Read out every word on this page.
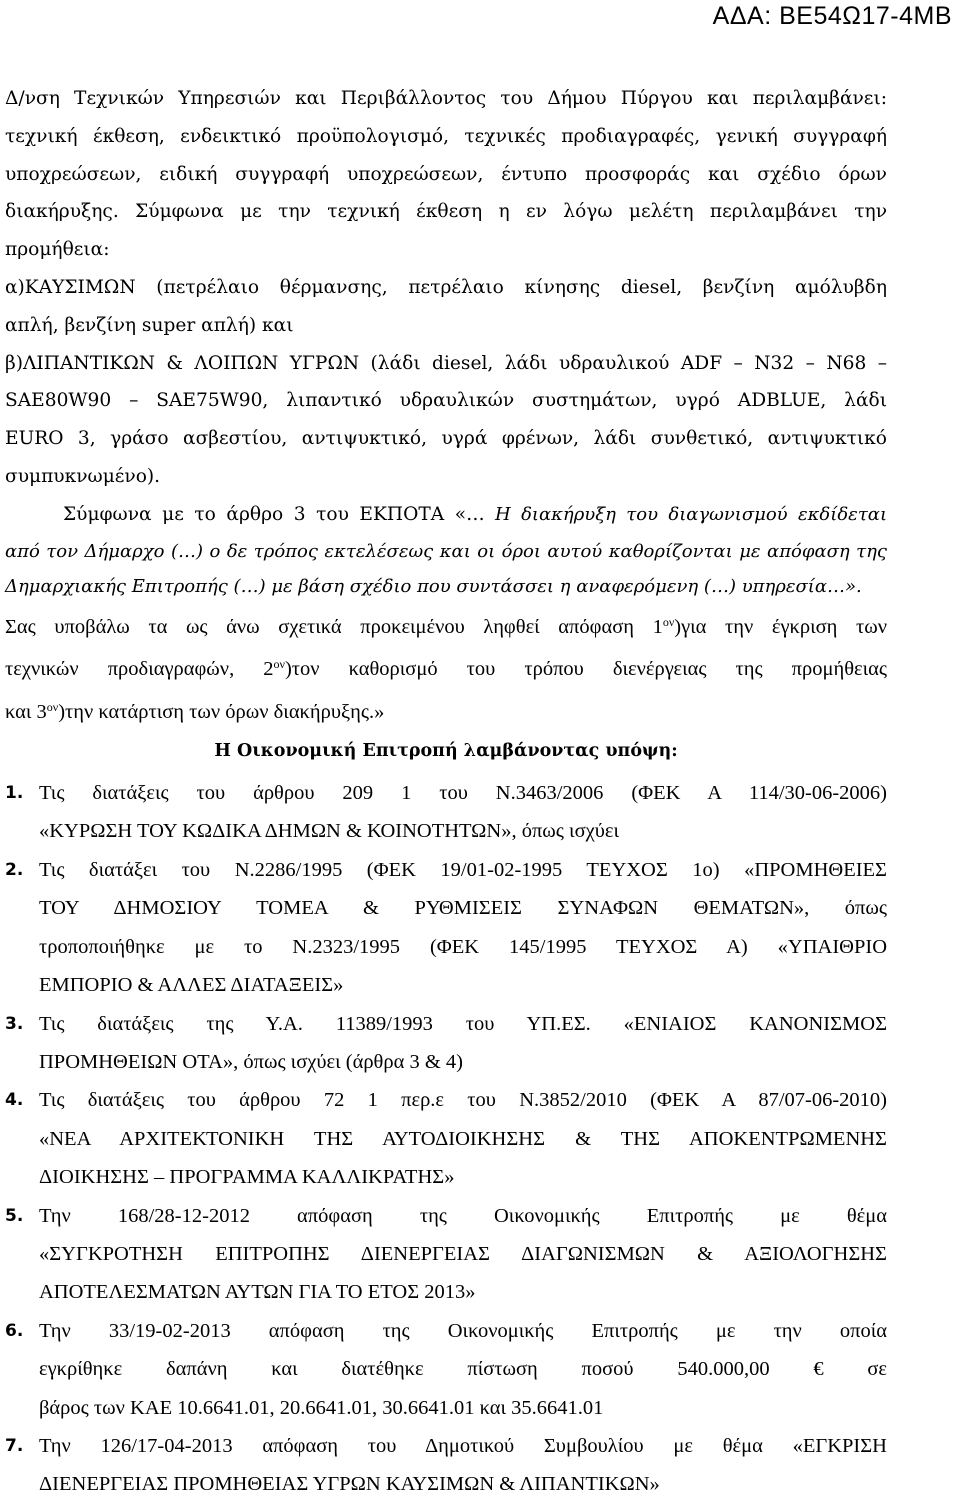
ΑΔΑ: ΒΕ54Ω17-4ΜΒ
Δ/νση Τεχνικών Υπηρεσιών και Περιβάλλοντος του Δήμου Πύργου και περιλαμβάνει:
τεχνική έκθεση, ενδεικτικό προϋπολογισμό, τεχνικές προδιαγραφές, γενική συγγραφή
υποχρεώσεων, ειδική συγγραφή υποχρεώσεων, έντυπο προσφοράς και σχέδιο όρων
διακήρυξης. Σύμφωνα με την τεχνική έκθεση η εν λόγω μελέτη περιλαμβάνει την
προμήθεια:
α)ΚΑΥΣΙΜΩΝ (πετρέλαιο θέρμανσης, πετρέλαιο κίνησης diesel, βενζίνη αμόλυβδη
απλή, βενζίνη super απλή) και
β)ΛΙΠΑΝΤΙΚΩΝ & ΛΟΙΠΩΝ ΥΓΡΩΝ (λάδι diesel, λάδι υδραυλικού ADF – N32 – N68 –
SAE80W90 – SAE75W90, λιπαντικό υδραυλικών συστημάτων, υγρό ADBLUE, λάδι
EURO 3, γράσο ασβεστίου, αντιψυκτικό, υγρά φρένων, λάδι συνθετικό, αντιψυκτικό
συμπυκνωμένο).
Σύμφωνα με το άρθρο 3 του ΕΚΠΟΤΑ «… Η διακήρυξη του διαγωνισμού εκδίδεται
από τον Δήμαρχο (…) ο δε τρόπος εκτελέσεως και οι όροι αυτού καθορίζονται με απόφαση της
Δημαρχιακής Επιτροπής (…) με βάση σχέδιο που συντάσσει η αναφερόμενη (…) υπηρεσία…».
Σας υποβάλω τα ως άνω σχετικά προκειμένου ληφθεί απόφαση $1^{o\nu})\gamma\iota\alpha$ την έγκριση των
τεχνικών προδιαγραφών, $2^{o\nu})\tau o\nu$ καθορισμό του τρόπου διενέργειας της προμήθειας
και $3^{o\nu})\tau\eta\nu$ κατάρτιση των όρων διακήρυξης.»
Η Οικονομική Επιτροπή λαμβάνοντας υπόψη:
1. Τις διατάξεις του άρθρου 209 1 του Ν.3463/2006 (ΦΕΚ Α 114/30-06-2006)
«ΚΥΡΩΣΗ ΤΟΥ ΚΩΔΙΚΑ ΔΗΜΩΝ & ΚΟΙΝΟΤΗΤΩΝ», όπως ισχύει
2. Τις διατάξει του Ν.2286/1995 (ΦΕΚ 19/01-02-1995 ΤΕΥΧΟΣ 1ο) «ΠΡΟΜΗΘΕΙΕΣ
ΤΟΥ ΔΗΜΟΣΙΟΥ ΤΟΜΕΑ & ΡΥΘΜΙΣΕΙΣ ΣΥΝΑΦΩΝ ΘΕΜΑΤΩΝ», όπως
τροποποιήθηκε με το Ν.2323/1995 (ΦΕΚ 145/1995 ΤΕΥΧΟΣ Α) «ΥΠΑΙΘΡΙΟ
ΕΜΠΟΡΙΟ & ΑΛΛΕΣ ΔΙΑΤΑΞΕΙΣ»
3. Τις διατάξεις της Υ.Α. 11389/1993 του ΥΠ.ΕΣ. «ΕΝΙΑΙΟΣ ΚΑΝΟΝΙΣΜΟΣ
ΠΡΟΜΗΘΕΙΩΝ ΟΤΑ», όπως ισχύει (άρθρα 3 & 4)
4. Τις διατάξεις του άρθρου 72 1 περ.ε του Ν.3852/2010 (ΦΕΚ Α 87/07-06-2010)
«ΝΕΑ ΑΡΧΙΤΕΚΤΟΝΙΚΗ ΤΗΣ ΑΥΤΟΔΙΟΙΚΗΣΗΣ & ΤΗΣ ΑΠΟΚΕΝΤΡΩΜΕΝΗΣ
ΔΙΟΙΚΗΣΗΣ – ΠΡΟΓΡΑΜΜΑ ΚΑΛΛΙΚΡΑΤΗΣ»
5. Την 168/28-12-2012 απόφαση της Οικονομικής Επιτροπής με θέμα
«ΣΥΓΚΡΟΤΗΣΗ ΕΠΙΤΡΟΠΗΣ ΔΙΕΝΕΡΓΕΙΑΣ ΔΙΑΓΩΝΙΣΜΩΝ & ΑΞΙΟΛΟΓΗΣΗΣ
ΑΠΟΤΕΛΕΣΜΑΤΩΝ ΑΥΤΩΝ ΓΙΑ ΤΟ ΕΤΟΣ 2013»
6. Την 33/19-02-2013 απόφαση της Οικονομικής Επιτροπής με την οποία
εγκρίθηκε δαπάνη και διατέθηκε πίστωση ποσού 540.000,00 € σε
βάρος των ΚΑΕ 10.6641.01, 20.6641.01, 30.6641.01 και 35.6641.01
7. Την 126/17-04-2013 απόφαση του Δημοτικού Συμβουλίου με θέμα «ΕΓΚΡΙΣΗ
ΔΙΕΝΕΡΓΕΙΑΣ ΠΡΟΜΗΘΕΙΑΣ ΥΓΡΩΝ ΚΑΥΣΙΜΩΝ & ΛΙΠΑΝΤΙΚΩΝ»
